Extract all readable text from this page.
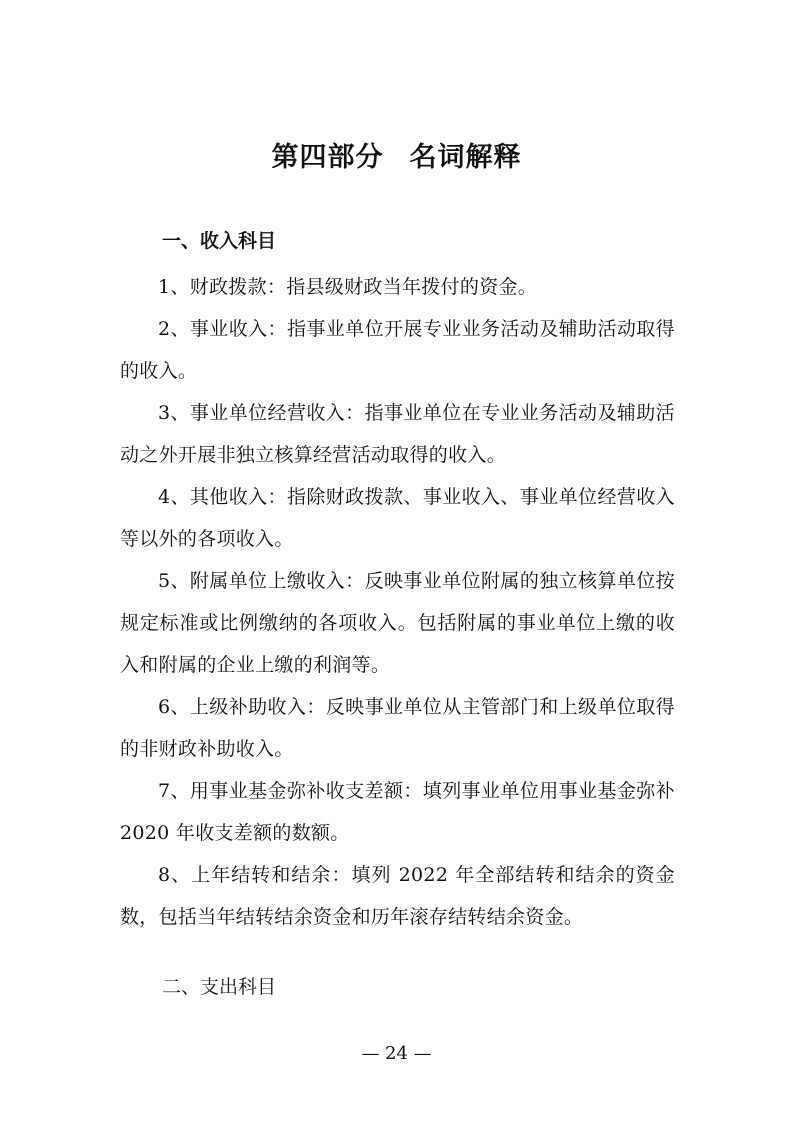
第四部分 名词解释
一、收入科目

1、财政拨款：指县级财政当年拨付的资金。

2、事业收入：指事业单位开展专业业务活动及辅助活动取得的收入。

3、事业单位经营收入：指事业单位在专业业务活动及辅助活动之外开展非独立核算经营活动取得的收入。

4、其他收入：指除财政拨款、事业收入、事业单位经营收入等以外的各项收入。

5、附属单位上缴收入：反映事业单位附属的独立核算单位按规定标准或比例缴纳的各项收入。包括附属的事业单位上缴的收入和附属的企业上缴的利润等。

6、上级补助收入：反映事业单位从主管部门和上级单位取得的非财政补助收入。

7、用事业基金弥补收支差额：填列事业单位用事业基金弥补 2020 年收支差额的数额。

8、上年结转和结余：填列 2022 年全部结转和结余的资金数，包括当年结转结余资金和历年滚存结转结余资金。

二、支出科目
— 24 —
